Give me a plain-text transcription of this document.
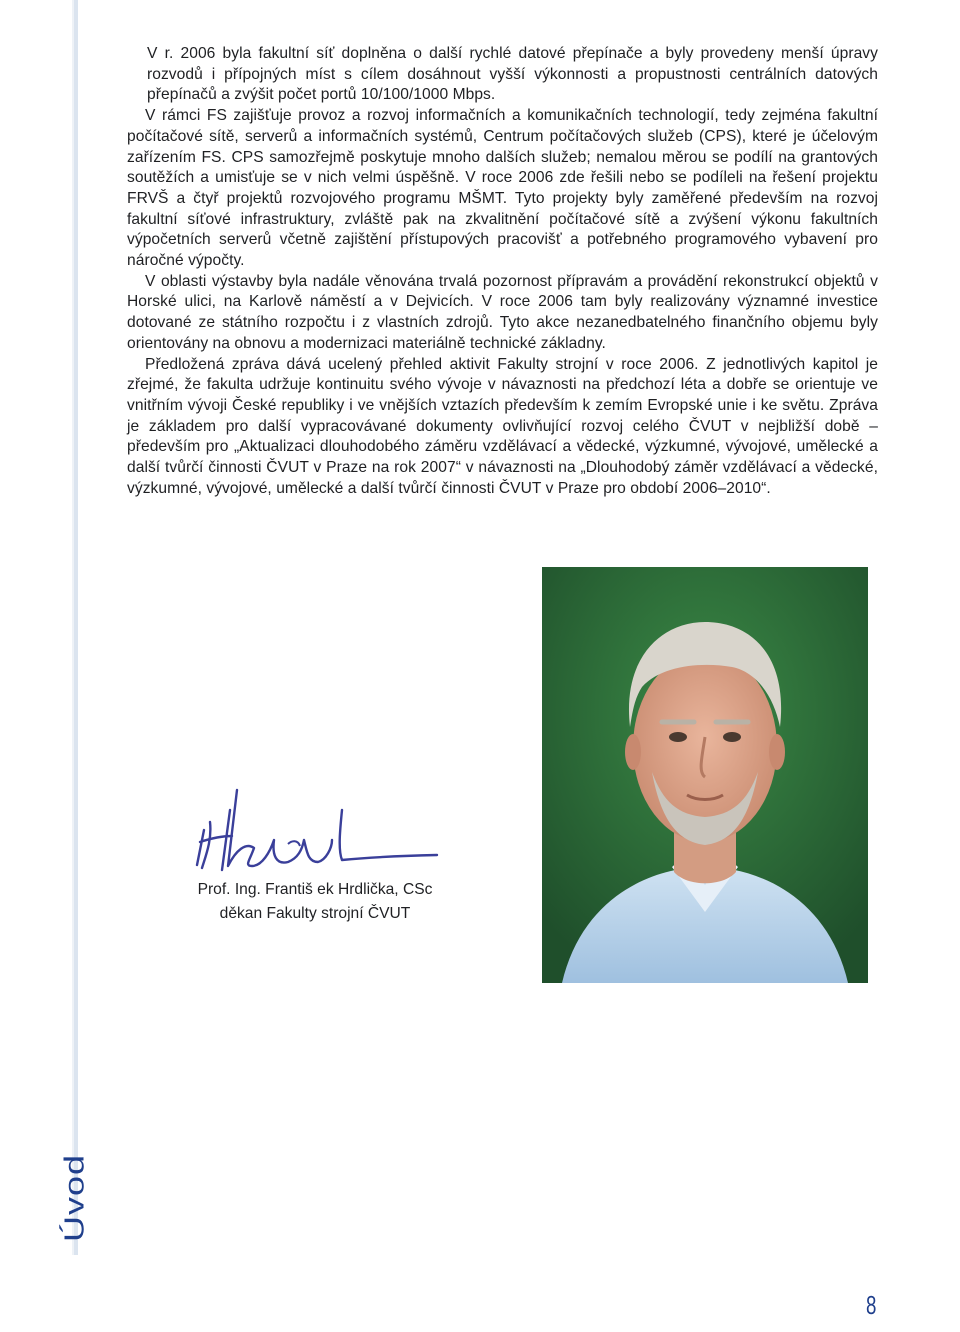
Úvod

V r. 2006 byla fakultní síť doplněna o další rychlé datové přepínače a byly provedeny menší úpravy rozvodů i přípojných míst s cílem dosáhnout vyšší výkonnosti a propustnosti centrálních datových přepínačů a zvýšit počet portů 10/100/1000 Mbps.

V rámci FS zajišťuje provoz a rozvoj informačních a komunikačních technologií, tedy zejména fakultní počítačové sítě, serverů a informačních systémů, Centrum počítačových služeb (CPS), které je účelovým zařízením FS. CPS samozřejmě poskytuje mnoho dalších služeb; nemalou měrou se podílí na grantových soutěžích a umisťuje se v nich velmi úspěšně. V roce 2006 zde řešili nebo se podíleli na řešení projektu FRVŠ a čtyř projektů rozvojového programu MŠMT. Tyto projekty byly zaměřené především na rozvoj fakultní síťové infrastruktury, zvláště pak na zkvalitnění počítačové sítě a zvýšení výkonu fakultních výpočetních serverů včetně zajištění přístupových pracovišť a potřebného programového vybavení pro náročné výpočty.

V oblasti výstavby byla nadále věnována trvalá pozornost přípravám a provádění rekonstrukcí objektů v Horské ulici, na Karlově náměstí a v Dejvicích. V roce 2006 tam byly realizovány významné investice dotované ze státního rozpočtu i z vlastních zdrojů. Tyto akce nezanedbatelného finančního objemu byly orientovány na obnovu a modernizaci materiálně technické základny.

Předložená zpráva dává ucelený přehled aktivit Fakulty strojní v roce 2006. Z jednotlivých kapitol je zřejmé, že fakulta udržuje kontinuitu svého vývoje v návaznosti na předchozí léta a dobře se orientuje ve vnitřním vývoji České republiky i ve vnějších vztazích především k zemím Evropské unie i ke světu. Zpráva je základem pro další vypracovávané dokumenty ovlivňující rozvoj celého ČVUT v nejbližší době – především pro „Aktualizaci dlouhodobého záměru vzdělávací a vědecké, výzkumné, vývojové, umělecké a další tvůrčí činnosti ČVUT v Praze na rok 2007“ v návaznosti na „Dlouhodobý záměr vzdělávací a vědecké, výzkumné, vývojové, umělecké a další tvůrčí činnosti ČVUT v Praze pro období 2006–2010“.

Prof. Ing. Františ ek Hrdlička, CSc
děkan Fakulty strojní ČVUT
8
